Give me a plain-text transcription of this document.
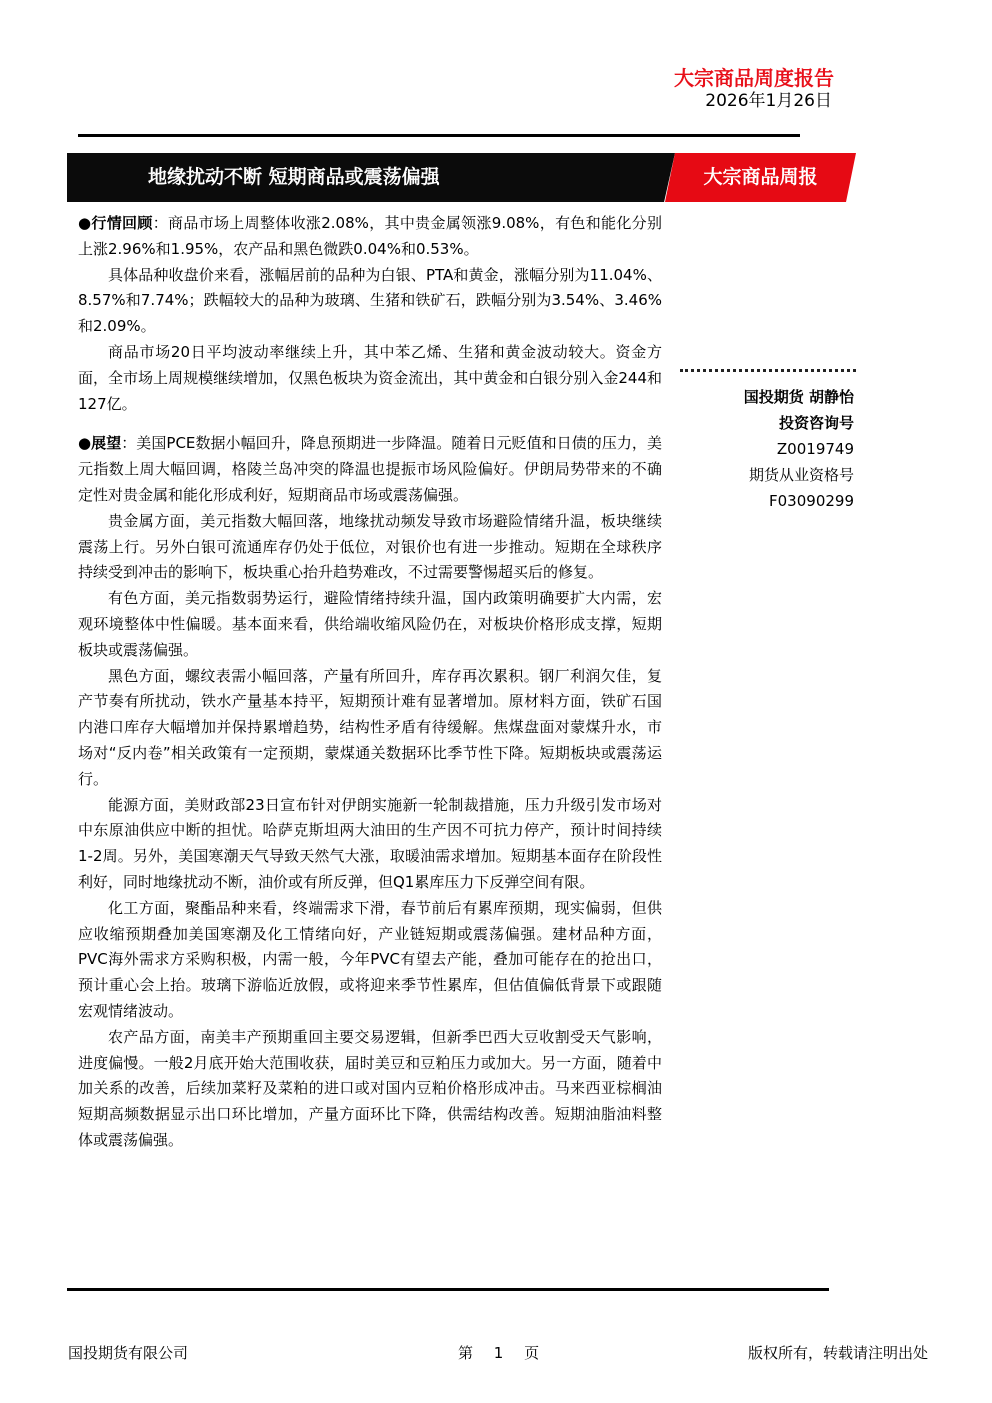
大宗商品周度报告
2026年1月26日
地缘扰动不断 短期商品或震荡偏强	大宗商品周报

●行情回顾：商品市场上周整体收涨2.08%，其中贵金属领涨9.08%，有色和能化分别上涨2.96%和1.95%，农产品和黑色微跌0.04%和0.53%。

具体品种收盘价来看，涨幅居前的品种为白银、PTA和黄金，涨幅分别为11.04%、8.57%和7.74%；跌幅较大的品种为玻璃、生猪和铁矿石，跌幅分别为3.54%、3.46%和2.09%。

商品市场20日平均波动率继续上升，其中苯乙烯、生猪和黄金波动较大。资金方面，全市场上周规模继续增加，仅黑色板块为资金流出，其中黄金和白银分别入金244和127亿。

●展望：美国PCE数据小幅回升，降息预期进一步降温。随着日元贬值和日债的压力，美元指数上周大幅回调，格陵兰岛冲突的降温也提振市场风险偏好。伊朗局势带来的不确定性对贵金属和能化形成利好，短期商品市场或震荡偏强。

贵金属方面，美元指数大幅回落，地缘扰动频发导致市场避险情绪升温，板块继续震荡上行。另外白银可流通库存仍处于低位，对银价也有进一步推动。短期在全球秩序持续受到冲击的影响下，板块重心抬升趋势难改，不过需要警惕超买后的修复。

有色方面，美元指数弱势运行，避险情绪持续升温，国内政策明确要扩大内需，宏观环境整体中性偏暖。基本面来看，供给端收缩风险仍在，对板块价格形成支撑，短期板块或震荡偏强。

黑色方面，螺纹表需小幅回落，产量有所回升，库存再次累积。钢厂利润欠佳，复产节奏有所扰动，铁水产量基本持平，短期预计难有显著增加。原材料方面，铁矿石国内港口库存大幅增加并保持累增趋势，结构性矛盾有待缓解。焦煤盘面对蒙煤升水，市场对“反内卷”相关政策有一定预期，蒙煤通关数据环比季节性下降。短期板块或震荡运行。

能源方面，美财政部23日宣布针对伊朗实施新一轮制裁措施，压力升级引发市场对中东原油供应中断的担忧。哈萨克斯坦两大油田的生产因不可抗力停产，预计时间持续1-2周。另外，美国寒潮天气导致天然气大涨，取暖油需求增加。短期基本面存在阶段性利好，同时地缘扰动不断，油价或有所反弹，但Q1累库压力下反弹空间有限。

化工方面，聚酯品种来看，终端需求下滑，春节前后有累库预期，现实偏弱，但供应收缩预期叠加美国寒潮及化工情绪向好，产业链短期或震荡偏强。建材品种方面，PVC海外需求方采购积极，内需一般，今年PVC有望去产能，叠加可能存在的抢出口，预计重心会上抬。玻璃下游临近放假，或将迎来季节性累库，但估值偏低背景下或跟随宏观情绪波动。

农产品方面，南美丰产预期重回主要交易逻辑，但新季巴西大豆收割受天气影响，进度偏慢。一般2月底开始大范围收获，届时美豆和豆粕压力或加大。另一方面，随着中加关系的改善，后续加菜籽及菜粕的进口或对国内豆粕价格形成冲击。马来西亚棕榈油短期高频数据显示出口环比增加，产量方面环比下降，供需结构改善。短期油脂油料整体或震荡偏强。

国投期货 胡静怡
投资咨询号
Z0019749
期货从业资格号
F03090299
国投期货有限公司	第 1 页	版权所有，转载请注明出处
